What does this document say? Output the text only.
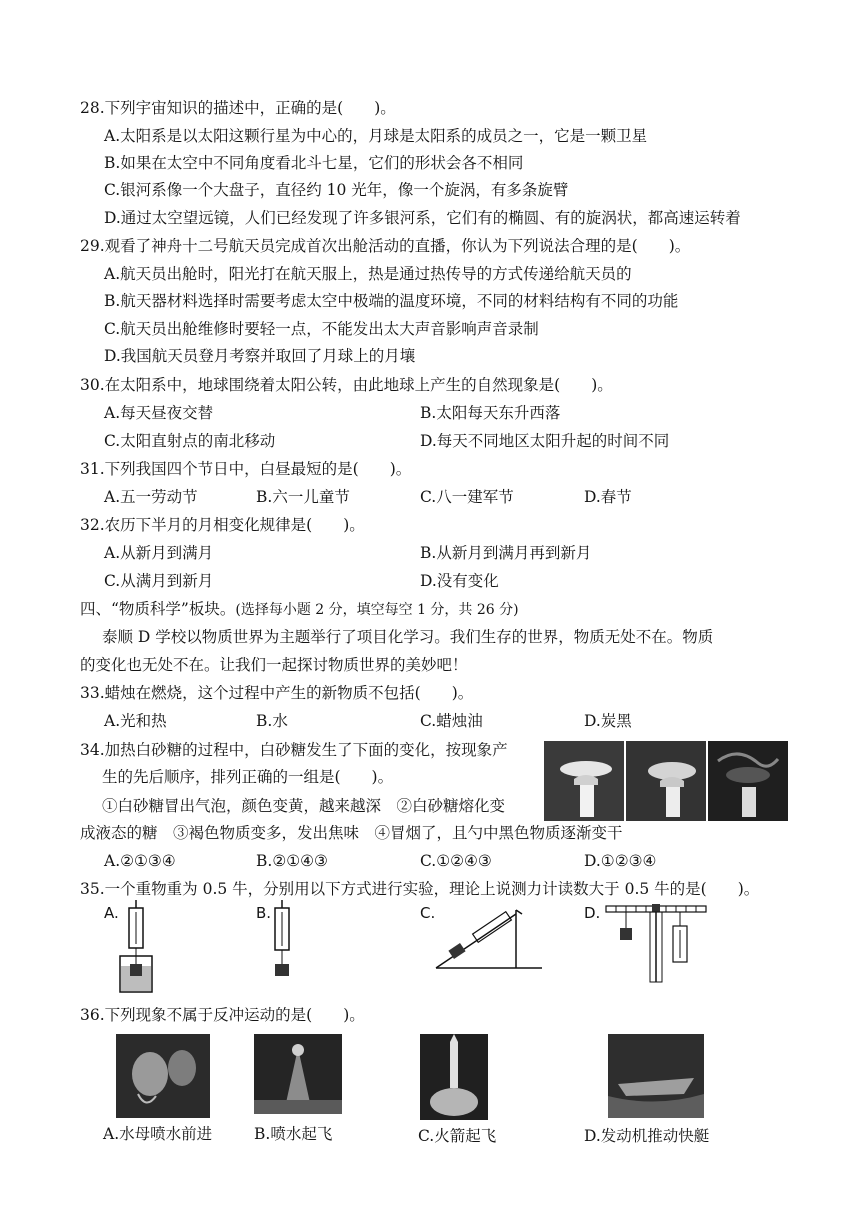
28.下列宇宙知识的描述中，正确的是(　　)。
A.太阳系是以太阳这颗行星为中心的，月球是太阳系的成员之一，它是一颗卫星
B.如果在太空中不同角度看北斗七星，它们的形状会各不相同
C.银河系像一个大盘子，直径约 10 光年，像一个旋涡，有多条旋臂
D.通过太空望远镜，人们已经发现了许多银河系，它们有的椭圆、有的旋涡状，都高速运转着
29.观看了神舟十二号航天员完成首次出舱活动的直播，你认为下列说法合理的是(　　)。
A.航天员出舱时，阳光打在航天服上，热是通过热传导的方式传递给航天员的
B.航天器材料选择时需要考虑太空中极端的温度环境，不同的材料结构有不同的功能
C.航天员出舱维修时要轻一点，不能发出太大声音影响声音录制
D.我国航天员登月考察并取回了月球上的月壤
30.在太阳系中，地球围绕着太阳公转，由此地球上产生的自然现象是(　　)。
A.每天昼夜交替	B.太阳每天东升西落
C.太阳直射点的南北移动	D.每天不同地区太阳升起的时间不同
31.下列我国四个节日中，白昼最短的是(　　)。
A.五一劳动节	B.六一儿童节	C.八一建军节	D.春节
32.农历下半月的月相变化规律是(　　)。
A.从新月到满月	B.从新月到满月再到新月
C.从满月到新月	D.没有变化
四、“物质科学”板块。(选择每小题 2 分，填空每空 1 分，共 26 分)
泰顺 D 学校以物质世界为主题举行了项目化学习。我们生存的世界，物质无处不在。物质
的变化也无处不在。让我们一起探讨物质世界的美妙吧！
33.蜡烛在燃烧，这个过程中产生的新物质不包括(　　)。
A.光和热	B.水	C.蜡烛油	D.炭黑
34.加热白砂糖的过程中，白砂糖发生了下面的变化，按现象产
生的先后顺序，排列正确的一组是(　　)。
①白砂糖冒出气泡，颜色变黄，越来越深　②白砂糖熔化变
成液态的糖　③褐色物质变多，发出焦味　④冒烟了，且勺中黑色物质逐渐变干
A.②①③④	B.②①④③	C.①②④③	D.①②③④
35.一个重物重为 0.5 牛，分别用以下方式进行实验，理论上说测力计读数大于 0.5 牛的是(　　)。
A.	B.	C.	D.
36.下列现象不属于反冲运动的是(　　)。
A.水母喷水前进	B.喷水起飞	C.火箭起飞	D.发动机推动快艇
